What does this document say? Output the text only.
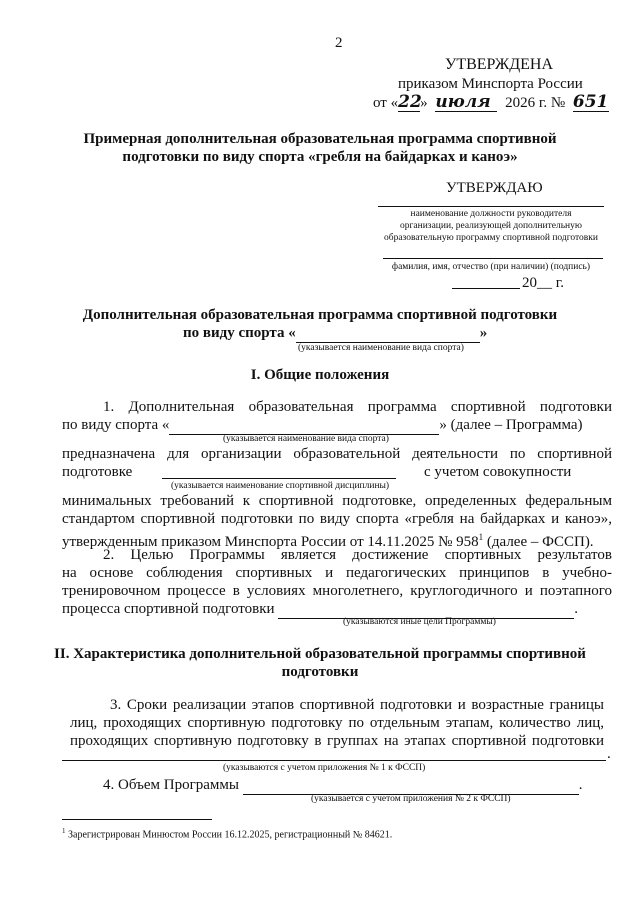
2
УТВЕРЖДЕНА
приказом Минспорта России
от «22» июля 2026 г. № 651
Примерная дополнительная образовательная программа спортивной
подготовки по виду спорта «гребля на байдарках и каноэ»
УТВЕРЖДАЮ
наименование должности руководителя
организации, реализующей дополнительную
образовательную программу спортивной подготовки
фамилия, имя, отчество (при наличии) (подпись)
20__ г.
Дополнительная образовательная программа спортивной подготовки
по виду спорта «	»
(указывается наименование вида спорта)
I. Общие положения
1. Дополнительная образовательная программа спортивной подготовки
по виду спорта «	» (далее – Программа)
(указывается наименование вида спорта)
предназначена для организации образовательной деятельности по спортивной
подготовке	с учетом совокупности
(указывается наименование спортивной дисциплины)
минимальных требований к спортивной подготовке, определенных федеральным
стандартом спортивной подготовки по виду спорта «гребля на байдарках и каноэ»,
утвержденным приказом Минспорта России от 14.11.2025 № $958^1$ (далее – ФССП).
2. Целью Программы является достижение спортивных результатов
на основе соблюдения спортивных и педагогических принципов в учебно-
тренировочном процессе в условиях многолетнего, круглогодичного и поэтапного
процесса спортивной подготовки	.
(указываются иные цели Программы)
II. Характеристика дополнительной образовательной программы спортивной
подготовки
3. Сроки реализации этапов спортивной подготовки и возрастные границы
лиц, проходящих спортивную подготовку по отдельным этапам, количество лиц,
проходящих спортивную подготовку в группах на этапах спортивной подготовки
.
(указываются с учетом приложения № 1 к ФССП)
4. Объем Программы	.
(указывается с учетом приложения № 2 к ФССП)
$^1$ Зарегистрирован Минюстом России 16.12.2025, регистрационный № 84621.
